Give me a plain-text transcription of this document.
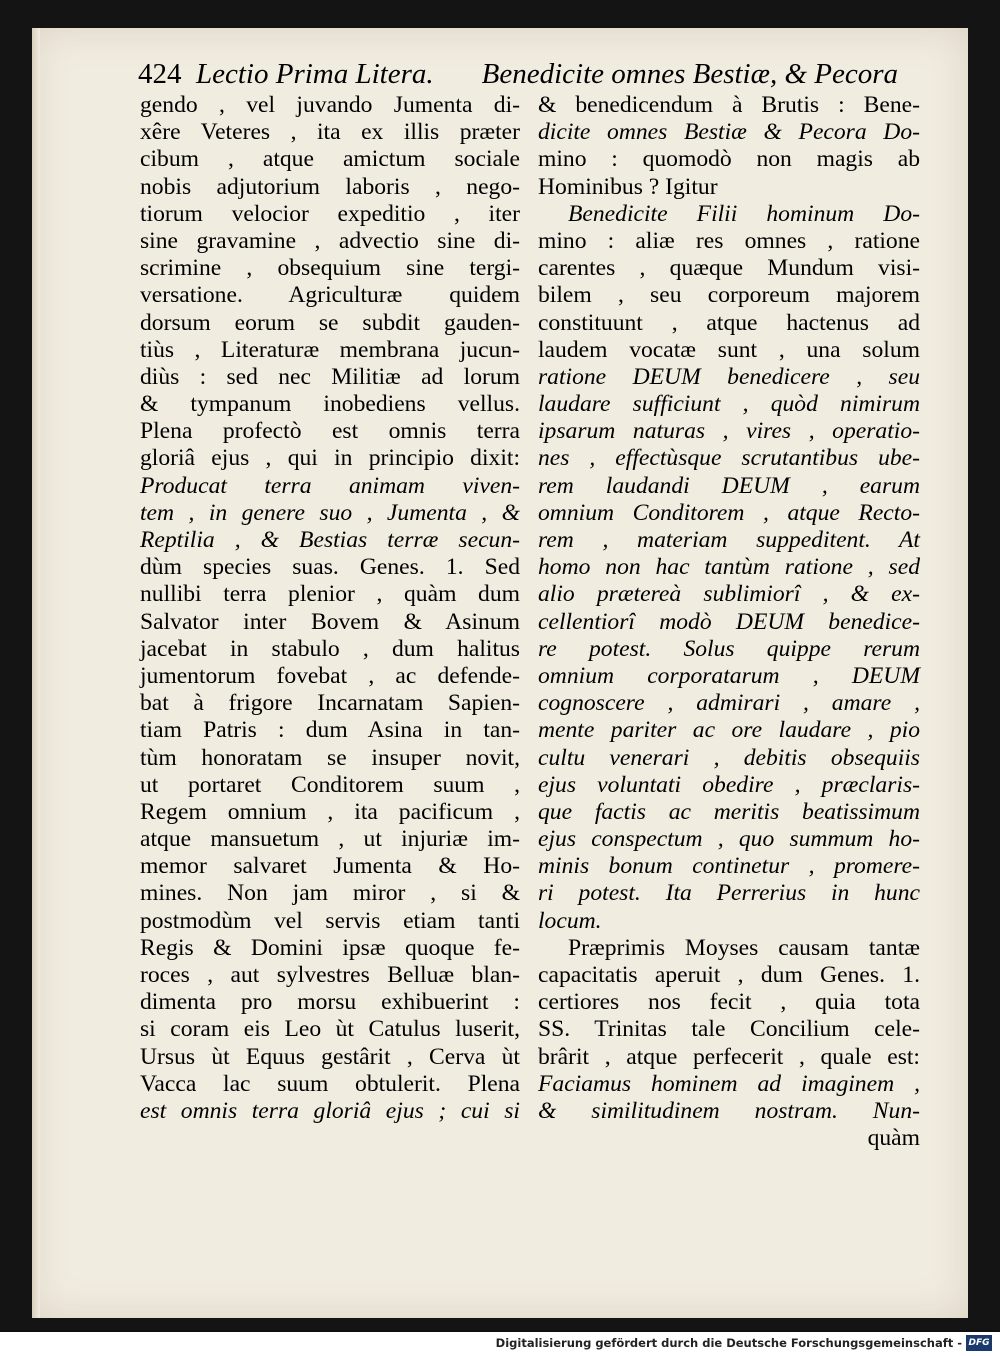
424 Lectio Prima Litera. Benedicite omnes Bestiæ, & Pecora
gendo , vel juvando Jumenta di-
xêre Veteres , ita ex illis præter
cibum , atque amictum sociale
nobis adjutorium laboris , nego-
tiorum velocior expeditio , iter
sine gravamine , advectio sine di-
scrimine , obsequium sine tergi-
versatione. Agriculturæ quidem
dorsum eorum se subdit gauden-
tiùs , Literaturæ membrana jucun-
diùs : sed nec Militiæ ad lorum
& tympanum inobediens vellus.
Plena profectò est omnis terra
gloriâ ejus , qui in principio dixit:
Producat terra animam viven-
tem , in genere suo , Jumenta , &
Reptilia , & Bestias terræ secun-
dùm species suas. Genes. 1. Sed
nullibi terra plenior , quàm dum
Salvator inter Bovem & Asinum
jacebat in stabulo , dum halitus
jumentorum fovebat , ac defende-
bat à frigore Incarnatam Sapien-
tiam Patris : dum Asina in tan-
tùm honoratam se insuper novit,
ut portaret Conditorem suum ,
Regem omnium , ita pacificum ,
atque mansuetum , ut injuriæ im-
memor salvaret Jumenta & Ho-
mines. Non jam miror , si &
postmodùm vel servis etiam tanti
Regis & Domini ipsæ quoque fe-
roces , aut sylvestres Belluæ blan-
dimenta pro morsu exhibuerint :
si coram eis Leo ùt Catulus luserit,
Ursus ùt Equus gestârit , Cerva ùt
Vacca lac suum obtulerit. Plena
est omnis terra gloriâ ejus ; cui si
& benedicendum à Brutis : Bene-
dicite omnes Bestiæ & Pecora Do-
mino : quomodò non magis ab
Hominibus ? Igitur
Benedicite Filii hominum Do-
mino : aliæ res omnes , ratione
carentes , quæque Mundum visi-
bilem , seu corporeum majorem
constituunt , atque hactenus ad
laudem vocatæ sunt , una solum
ratione DEUM benedicere , seu
laudare sufficiunt , quòd nimirum
ipsarum naturas , vires , operatio-
nes , effectùsque scrutantibus ube-
rem laudandi DEUM , earum
omnium Conditorem , atque Recto-
rem , materiam suppeditent. At
homo non hac tantùm ratione , sed
alio prætereà sublimiorî , & ex-
cellentiorî modò DEUM benedice-
re potest. Solus quippe rerum
omnium corporatarum , DEUM
cognoscere , admirari , amare ,
mente pariter ac ore laudare , pio
cultu venerari , debitis obsequiis
ejus voluntati obedire , præclaris-
que factis ac meritis beatissimum
ejus conspectum , quo summum ho-
minis bonum continetur , promere-
ri potest. Ita Perrerius in hunc
locum.
Præprimis Moyses causam tantæ
capacitatis aperuit , dum Genes. 1.
certiores nos fecit , quia tota
SS. Trinitas tale Concilium cele-
brârit , atque perfecerit , quale est:
Faciamus hominem ad imaginem ,
& similitudinem nostram. Nun-
quàm
Digitalisierung gefördert durch die Deutsche Forschungsgemeinschaft - DFG
